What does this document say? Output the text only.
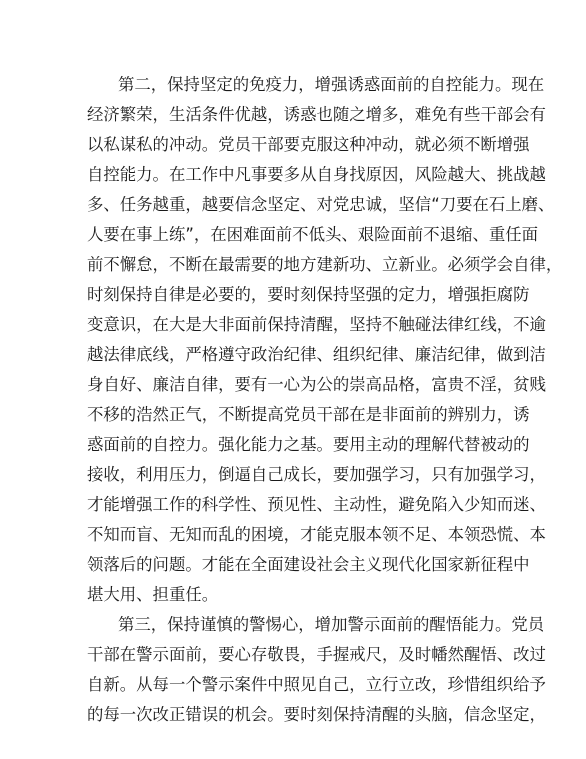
第二，保持坚定的免疫力，增强诱惑面前的自控能力。现在
经济繁荣，生活条件优越，诱惑也随之增多，难免有些干部会有
以私谋私的冲动。党员干部要克服这种冲动，就必须不断增强
自控能力。在工作中凡事要多从自身找原因，风险越大、挑战越
多、任务越重，越要信念坚定、对党忠诚，坚信“刀要在石上磨、
人要在事上练”，在困难面前不低头、艰险面前不退缩、重任面
前不懈怠，不断在最需要的地方建新功、立新业。必须学会自律，
时刻保持自律是必要的，要时刻保持坚强的定力，增强拒腐防
变意识，在大是大非面前保持清醒，坚持不触碰法律红线，不逾
越法律底线，严格遵守政治纪律、组织纪律、廉洁纪律，做到洁
身自好、廉洁自律，要有一心为公的崇高品格，富贵不淫，贫贱
不移的浩然正气，不断提高党员干部在是非面前的辨别力，诱
惑面前的自控力。强化能力之基。要用主动的理解代替被动的
接收，利用压力，倒逼自己成长，要加强学习，只有加强学习，
才能增强工作的科学性、预见性、主动性，避免陷入少知而迷、
不知而盲、无知而乱的困境，才能克服本领不足、本领恐慌、本
领落后的问题。才能在全面建设社会主义现代化国家新征程中
堪大用、担重任。
第三，保持谨慎的警惕心，增加警示面前的醒悟能力。党员
干部在警示面前，要心存敬畏，手握戒尺，及时幡然醒悟、改过
自新。从每一个警示案件中照见自己，立行立改，珍惜组织给予
的每一次改正错误的机会。要时刻保持清醒的头脑，信念坚定，
